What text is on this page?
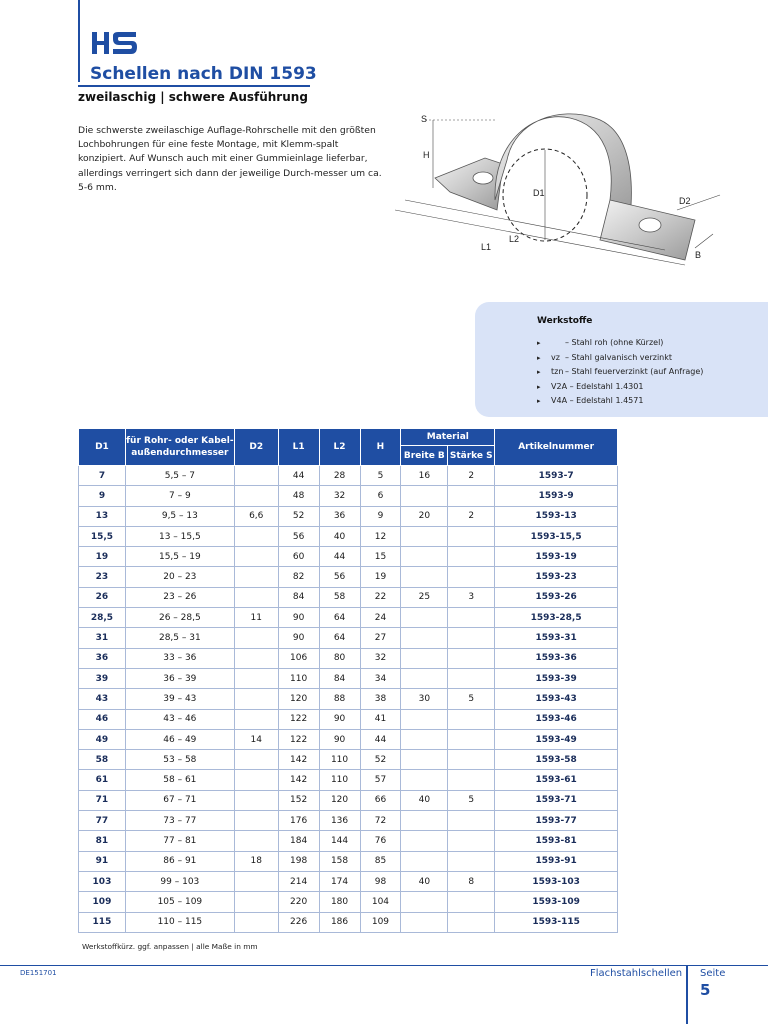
Schellen nach DIN 1593
zweilaschig | schwere Ausführung
Die schwerste zweilaschige Auflage-Rohrschelle mit den größten Lochbohrungen für eine feste Montage, mit Klemm-spalt konzipiert. Auf Wunsch auch mit einer Gummieinlage lieferbar, allerdings verringert sich dann der jeweilige Durch-messer um ca. 5-6 mm.
S
H
D1
D2
L2
L1
B
Werkstoffe
▸	– Stahl roh (ohne Kürzel)
▸ vz – Stahl galvanisch verzinkt
▸ tzn – Stahl feuerverzinkt (auf Anfrage)
▸ V2A – Edelstahl 1.4301
▸ V4A – Edelstahl 1.4571
D1	für Rohr- oder Kabel-außendurchmesser	D2	L1	L2	H	Material		Artikelnummer
						Breite B	Stärke S	
7	5,5 – 7		44	28	5	16	2	1593-7
9	7 – 9		48	32	6			1593-9
13	9,5 – 13	6,6	52	36	9	20	2	1593-13
15,5	13 – 15,5		56	40	12			1593-15,5
19	15,5 – 19		60	44	15			1593-19
23	20 – 23		82	56	19			1593-23
26	23 – 26		84	58	22	25	3	1593-26
28,5	26 – 28,5	11	90	64	24			1593-28,5
31	28,5 – 31		90	64	27			1593-31
36	33 – 36		106	80	32			1593-36
39	36 – 39		110	84	34			1593-39
43	39 – 43		120	88	38	30	5	1593-43
46	43 – 46		122	90	41			1593-46
49	46 – 49	14	122	90	44			1593-49
58	53 – 58		142	110	52			1593-58
61	58 – 61		142	110	57			1593-61
71	67 – 71		152	120	66	40	5	1593-71
77	73 – 77		176	136	72			1593-77
81	77 – 81		184	144	76			1593-81
91	86 – 91	18	198	158	85			1593-91
103	99 – 103		214	174	98	40	8	1593-103
109	105 – 109		220	180	104			1593-109
115	110 – 115		226	186	109			1593-115
Werkstoffkürz. ggf. anpassen | alle Maße in mm
DE151701	Flachstahlschellen Seite
5
